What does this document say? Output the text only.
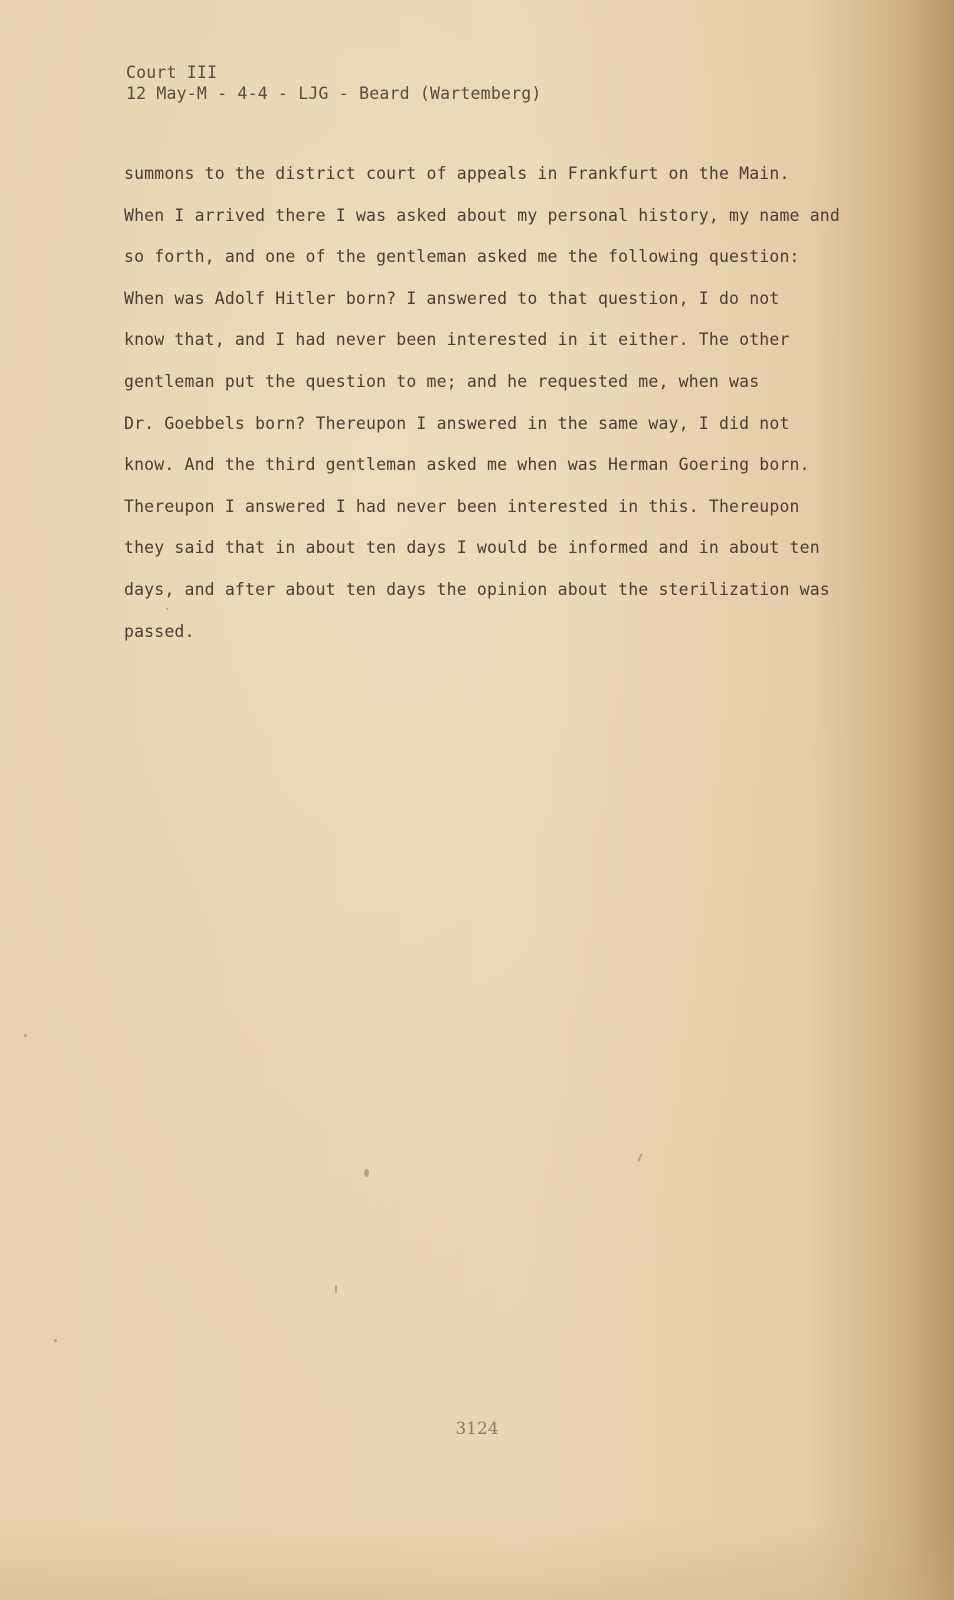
Court III
12 May-M - 4-4 - LJG - Beard (Wartemberg)
summons to the district court of appeals in Frankfurt on the Main.
When I arrived there I was asked about my personal history, my name and
so forth, and one of the gentleman asked me the following question:
When was Adolf Hitler born? I answered to that question, I do not
know that, and I had never been interested in it either. The other
gentleman put the question to me; and he requested me, when was
Dr. Goebbels born? Thereupon I answered in the same way, I did not
know. And the third gentleman asked me when was Herman Goering born.
Thereupon I answered I had never been interested in this. Thereupon
they said that in about ten days I would be informed and in about ten
days, and after about ten days the opinion about the sterilization was
passed.
3124
